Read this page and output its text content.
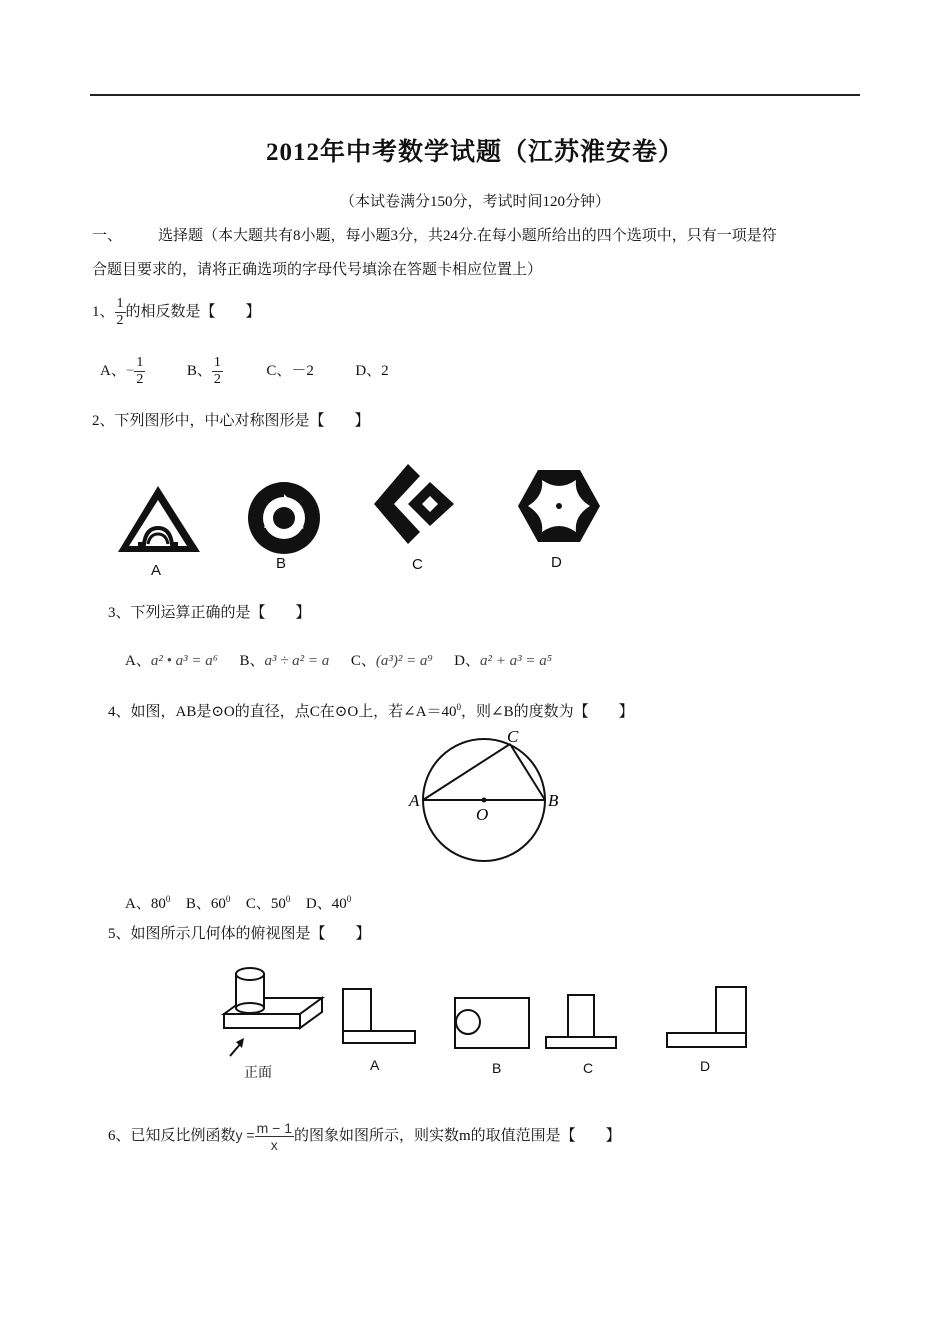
2012年中考数学试题（江苏淮安卷）
（本试卷满分150分，考试时间120分钟）
一、 选择题（本大题共有8小题，每小题3分，共24分.在每小题所给出的四个选项中，只有一项是符
合题目要求的，请将正确选项的字母代号填涂在答题卡相应位置上）
1、 $\frac{1}{2}$ 的相反数是【　　】
A、− $\frac{1}{2}$	B、 $\frac{1}{2}$	C、－2	D、2
2、下列图形中，中心对称图形是【　　】
A	B	C	D
3、下列运算正确的是【　　】
A、a² • a³ = a⁶ B、a³ ÷ a² = a C、(a³)² = a⁹ D、a² + a³ = a⁵
4、如图，AB是⊙O的直径，点C在⊙O上，若$\angle A=40^0$，则∠B的度数为【　　】
A	B
C
O
A、$80^0$ B、$60^0$ C、$50^0$ D、$40^0$
5、如图所示几何体的俯视图是【　　】
正面	A	B	C	D
6、已知反比例函数$y = \frac{m - 1}{x}$ 的图象如图所示，则实数m的取值范围是【　　】
